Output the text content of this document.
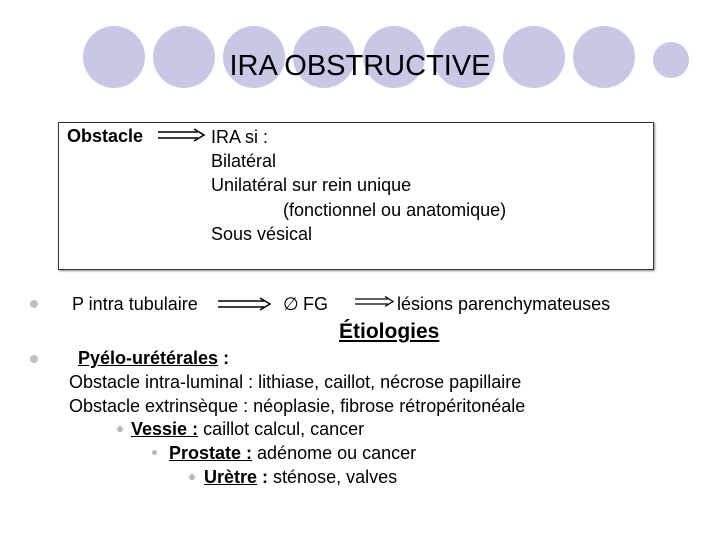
IRA OBSTRUCTIVE
Obstacle	IRA si :
Bilatéral
Unilatéral sur rein unique
(fonctionnel ou anatomique)
Sous vésical
P intra tubulaire	∅ FG	lésions parenchymateuses
Étiologies
Pyélo-urétérales :
Obstacle intra-luminal : lithiase, caillot, nécrose papillaire
Obstacle extrinsèque : néoplasie, fibrose rétropéritonéale
Vessie : caillot calcul, cancer
Prostate : adénome ou cancer
Urètre : sténose, valves
